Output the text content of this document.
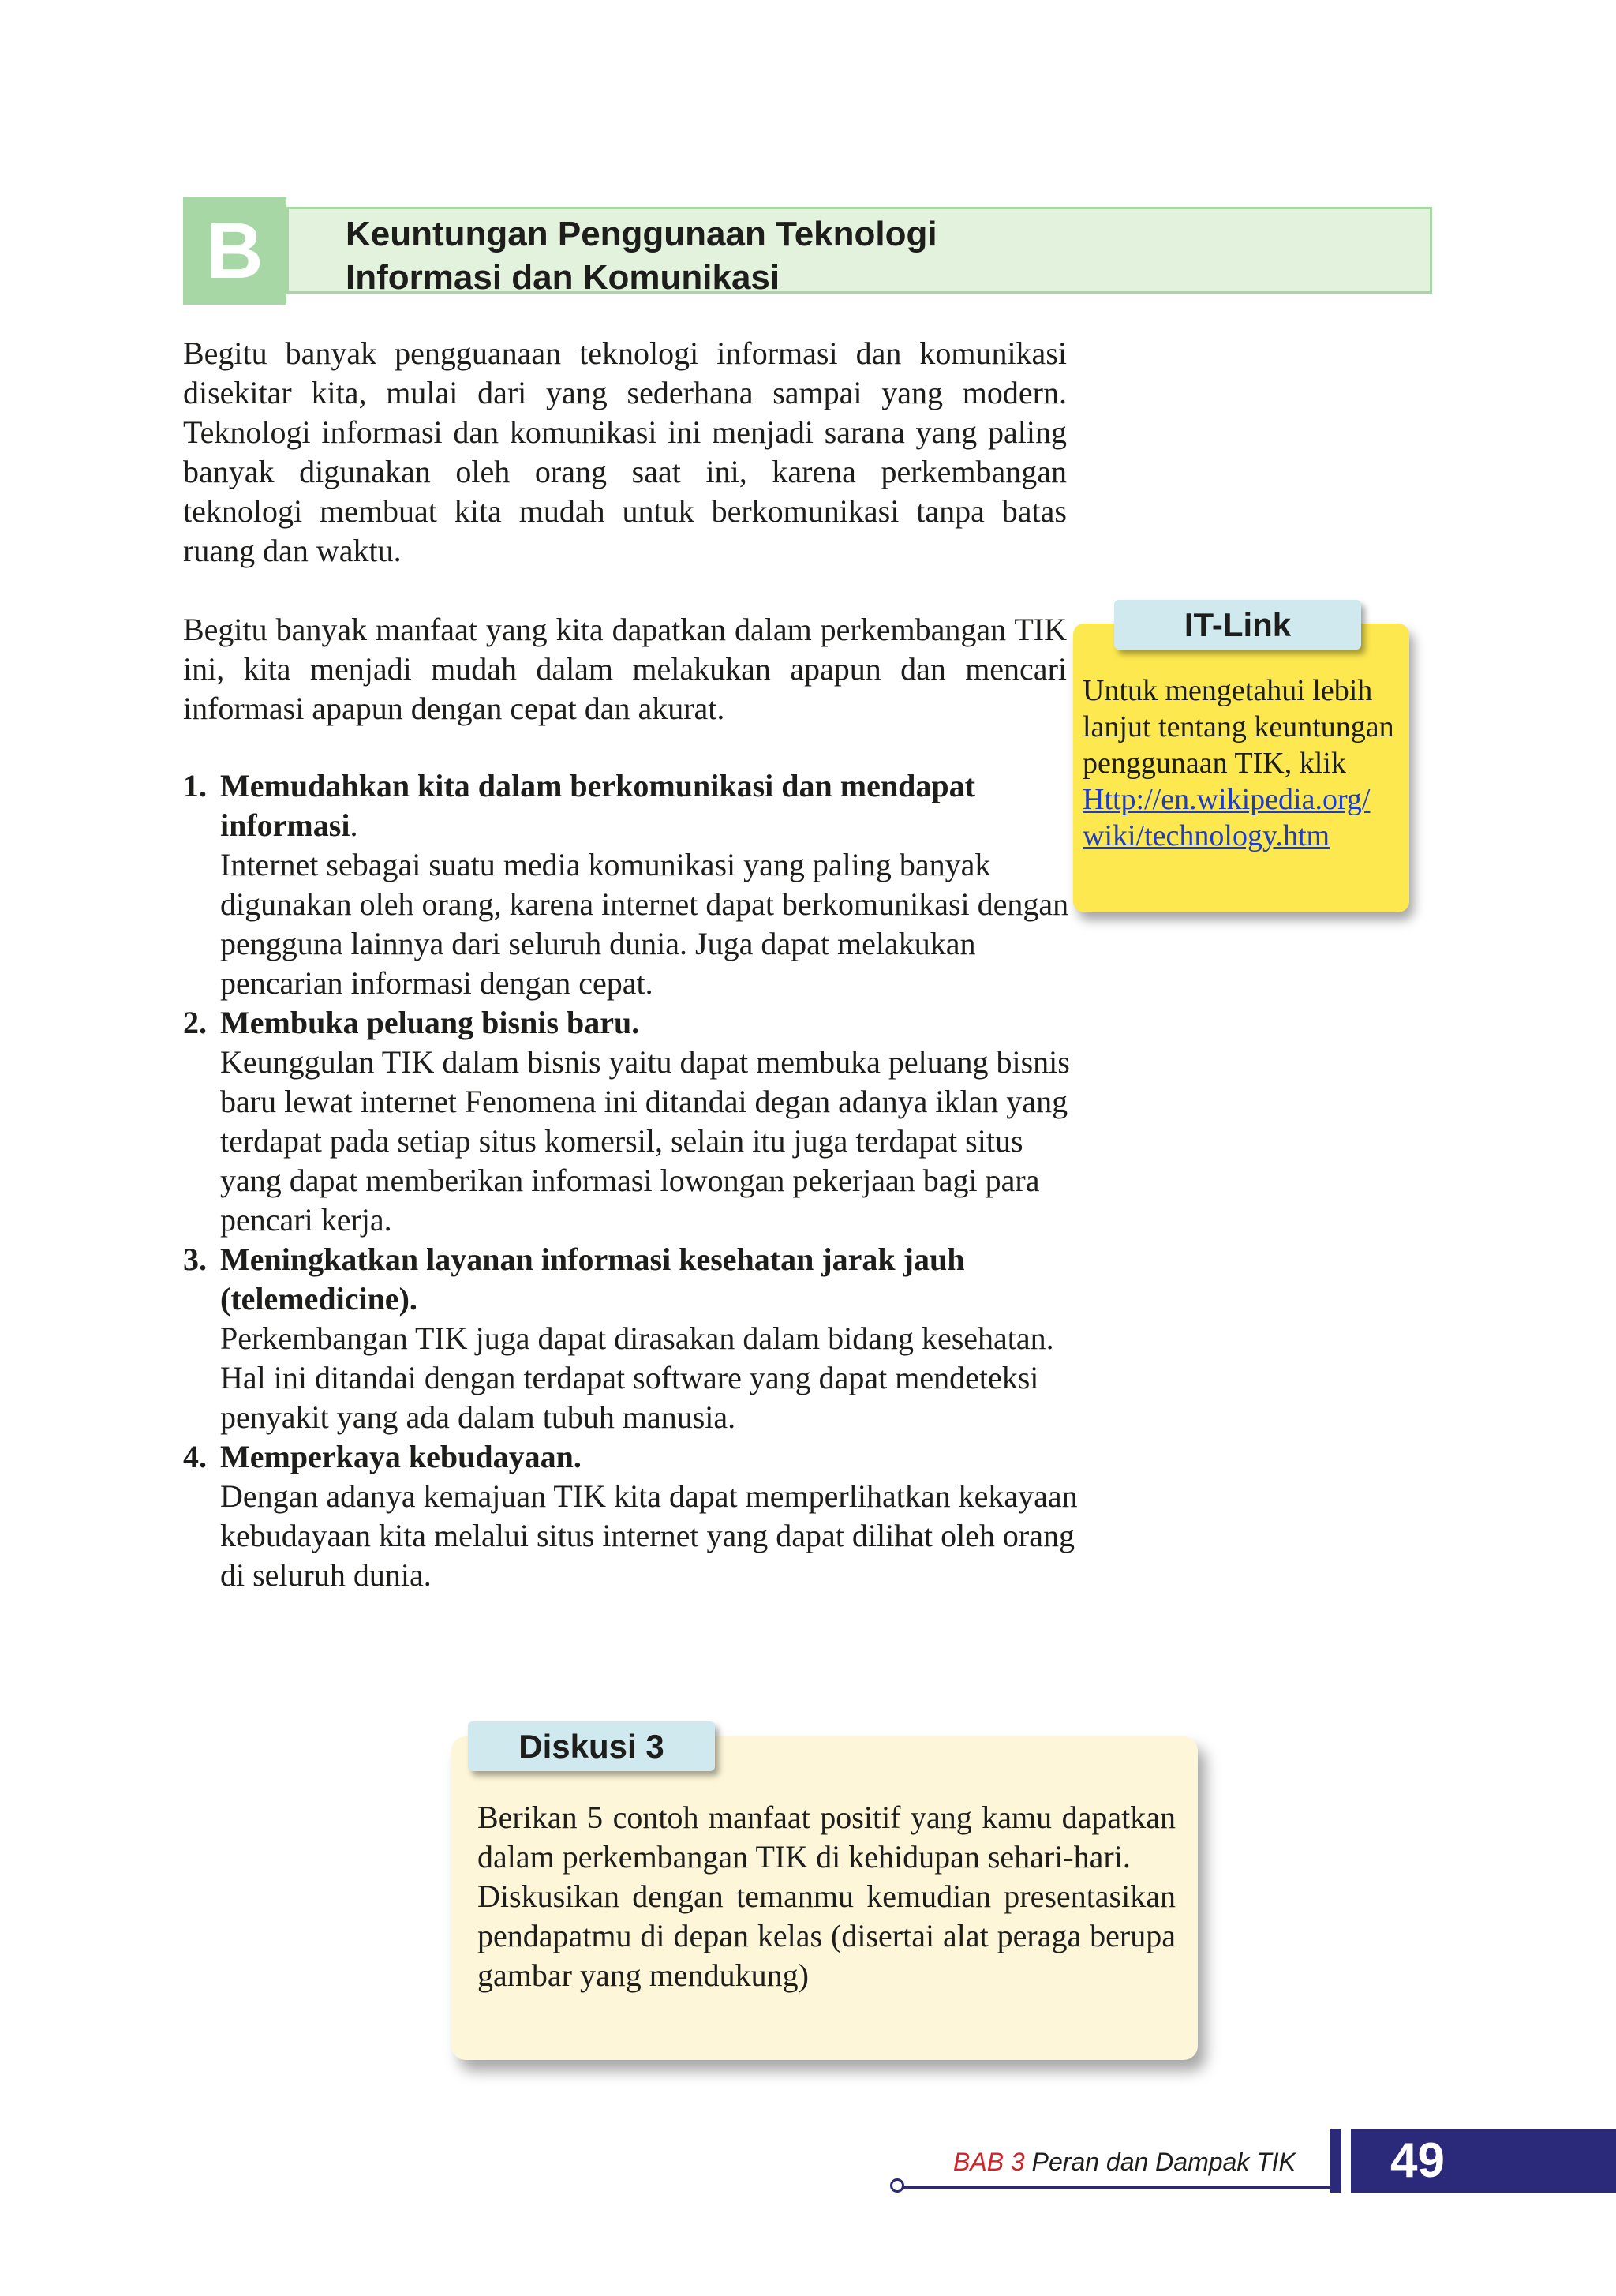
B	Keuntungan Penggunaan Teknologi
Informasi dan Komunikasi

Begitu banyak pengguanaan teknologi informasi dan komunikasi disekitar kita, mulai dari yang sederhana sampai yang modern. Teknologi informasi dan komunikasi ini menjadi sarana yang paling banyak digunakan oleh orang saat ini, karena perkembangan teknologi membuat kita mudah untuk berkomunikasi tanpa batas ruang dan waktu.

Begitu banyak manfaat yang kita dapatkan dalam perkembangan TIK ini, kita menjadi mudah dalam melakukan apapun dan mencari informasi apapun dengan cepat dan akurat.

1. Memudahkan kita dalam berkomunikasi dan mendapat informasi.
Internet sebagai suatu media komunikasi yang paling banyak digunakan oleh orang, karena internet dapat berkomunikasi dengan pengguna lainnya dari seluruh dunia. Juga dapat melakukan pencarian informasi dengan cepat.
2. Membuka peluang bisnis baru.
Keunggulan TIK dalam bisnis yaitu dapat membuka peluang bisnis baru lewat internet Fenomena ini ditandai degan adanya iklan yang terdapat pada setiap situs komersil, selain itu juga terdapat situs yang dapat memberikan informasi lowongan pekerjaan bagi para pencari kerja.
3. Meningkatkan layanan informasi kesehatan jarak jauh (telemedicine).
Perkembangan TIK juga dapat dirasakan dalam bidang kesehatan. Hal ini ditandai dengan terdapat software yang dapat mendeteksi penyakit yang ada dalam tubuh manusia.
4. Memperkaya kebudayaan.
Dengan adanya kemajuan TIK kita dapat memperlihatkan kekayaan kebudayaan kita melalui situs internet yang dapat dilihat oleh orang di seluruh dunia.
IT-Link
Untuk mengetahui lebih lanjut tentang keuntungan penggunaan TIK, klik
Http://en.wikipedia.org/
wiki/technology.htm
Diskusi 3
Berikan 5 contoh manfaat positif yang kamu dapatkan dalam perkembangan TIK di kehidupan sehari-hari.
Diskusikan dengan temanmu kemudian presentasikan pendapatmu di depan kelas (disertai alat peraga berupa gambar yang mendukung)
BAB 3 Peran dan Dampak TIK	49
